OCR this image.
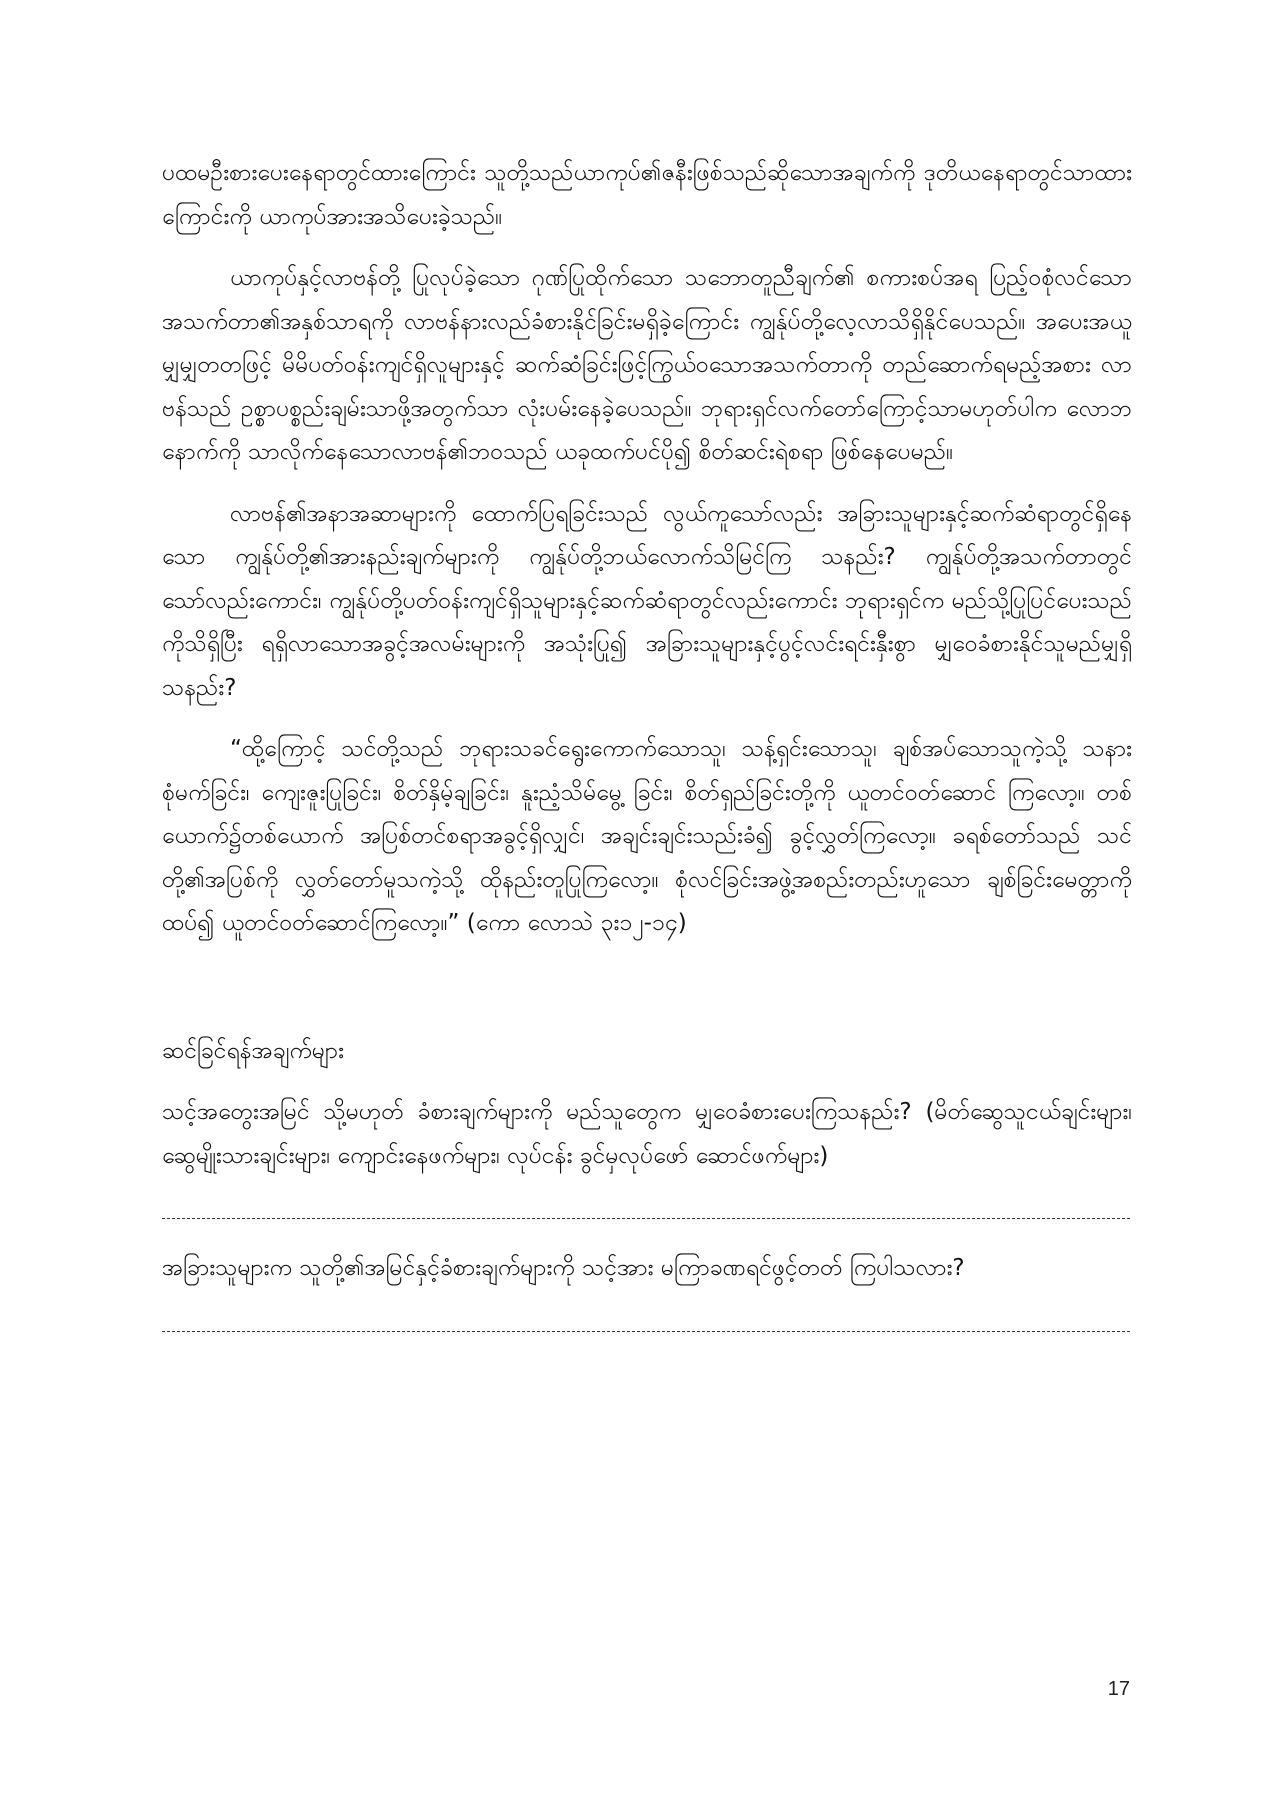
ပထမဦးစားပေးနေရာတွင်ထားကြောင်း သူတို့သည်ယာကုပ်၏ဇနီးဖြစ်သည်ဆိုသောအချက်ကို ဒုတိယနေရာတွင်သာထားကြောင်းကို ယာကုပ်အားအသိပေးခဲ့သည်။

ယာကုပ်နှင့်လာဗန်တို့ ပြုလုပ်ခဲ့သော ဂုဏ်ပြုထိုက်သော သဘောတူညီချက်၏ စကားစပ်အရ ပြည့်ဝစုံလင်သောအသက်တာ၏အနှစ်သာရကို လာဗန်နားလည်ခံစားနိုင်ခြင်းမရှိခဲ့ကြောင်း ကျွန်ုပ်တို့လေ့လာသိရှိနိုင်ပေသည်။ အပေးအယူမျှမျှတတဖြင့် မိမိပတ်ဝန်းကျင်ရှိလူများနှင့် ဆက်ဆံခြင်းဖြင့်ကြွယ်ဝသောအသက်တာကို တည်ဆောက်ရမည့်အစား လာဗန်သည် ဥစ္စာပစ္စည်းချမ်းသာဖို့အတွက်သာ လုံးပမ်းနေခဲ့ပေသည်။ ဘုရားရှင်လက်တော်ကြောင့်သာမဟုတ်ပါက လောဘနောက်ကို သာလိုက်နေသောလာဗန်၏ဘဝသည် ယခုထက်ပင်ပို၍ စိတ်ဆင်းရဲစရာ ဖြစ်နေပေမည်။

လာဗန်၏အနာအဆာများကို ထောက်ပြရခြင်းသည် လွယ်ကူသော်လည်း အခြားသူများနှင့်ဆက်ဆံရာတွင်ရှိနေသော ကျွန်ုပ်တို့၏အားနည်းချက်များကို ကျွန်ုပ်တို့ဘယ်လောက်သိမြင်ကြ သနည်း? ကျွန်ုပ်တို့အသက်တာတွင်သော်လည်းကောင်း၊ ကျွန်ုပ်တို့ပတ်ဝန်းကျင်ရှိသူများနှင့်ဆက်ဆံရာတွင်လည်းကောင်း ဘုရားရှင်က မည်သို့ပြုပြင်ပေးသည်ကိုသိရှိပြီး ရရှိလာသောအခွင့်အလမ်းများကို အသုံးပြု၍ အခြားသူများနှင့်ပွင့်လင်းရင်းနှီးစွာ မျှဝေခံစားနိုင်သူမည်မျှရှိသနည်း?

“ထို့ကြောင့် သင်တို့သည် ဘုရားသခင်ရွေးကောက်သောသူ၊ သန့်ရှင်းသောသူ၊ ချစ်အပ်သောသူကဲ့သို့ သနားစုံမက်ခြင်း၊ ကျေးဇူးပြုခြင်း၊ စိတ်နှိမ့်ချခြင်း၊ နူးညံ့သိမ်မွေ့ ခြင်း၊ စိတ်ရှည်ခြင်းတို့ကို ယူတင်ဝတ်ဆောင် ကြလော့။ တစ်ယောက်၌တစ်ယောက် အပြစ်တင်စရာအခွင့်ရှိလျှင်၊ အချင်းချင်းသည်းခံ၍ ခွင့်လွှတ်ကြလော့။ ခရစ်တော်သည် သင်တို့၏အပြစ်ကို လွှတ်တော်မူသကဲ့သို့ ထိုနည်းတူပြုကြလော့။ စုံလင်ခြင်းအဖွဲ့အစည်းတည်းဟူသော ချစ်ခြင်းမေတ္တာကိုထပ်၍ ယူတင်ဝတ်ဆောင်ကြလော့။” (ကော လောသဲ ၃း၁၂-၁၄)

ဆင်ခြင်ရန်အချက်များ

သင့်အတွေးအမြင် သို့မဟုတ် ခံစားချက်များကို မည်သူတွေက မျှဝေခံစားပေးကြသနည်း? (မိတ်ဆွေသူငယ်ချင်းများ၊ ဆွေမျိုးသားချင်းများ၊ ကျောင်းနေဖက်များ၊ လုပ်ငန်း ခွင်မှလုပ်ဖော် ဆောင်ဖက်များ)

အခြားသူများက သူတို့၏အမြင်နှင့်ခံစားချက်များကို သင့်အား မကြာခဏရင်ဖွင့်တတ် ကြပါသလား?

17
